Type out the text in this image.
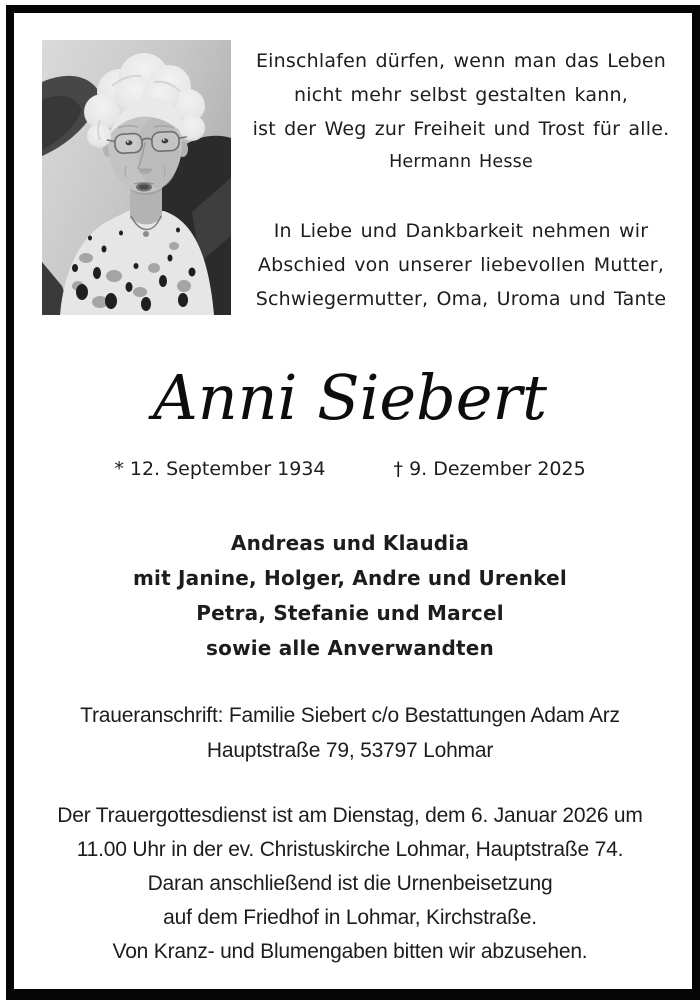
Einschlafen dürfen, wenn man das Leben
nicht mehr selbst gestalten kann,
ist der Weg zur Freiheit und Trost für alle.
Hermann Hesse
In Liebe und Dankbarkeit nehmen wir
Abschied von unserer liebevollen Mutter,
Schwiegermutter, Oma, Uroma und Tante
Anni Siebert
* 12. September 1934	† 9. Dezember 2025
Andreas und Klaudia
mit Janine, Holger, Andre und Urenkel
Petra, Stefanie und Marcel
sowie alle Anverwandten
Traueranschrift: Familie Siebert c/o Bestattungen Adam Arz
Hauptstraße 79, 53797 Lohmar
Der Trauergottesdienst ist am Dienstag, dem 6. Januar 2026 um
11.00 Uhr in der ev. Christuskirche Lohmar, Hauptstraße 74.
Daran anschließend ist die Urnenbeisetzung
auf dem Friedhof in Lohmar, Kirchstraße.
Von Kranz- und Blumengaben bitten wir abzusehen.
